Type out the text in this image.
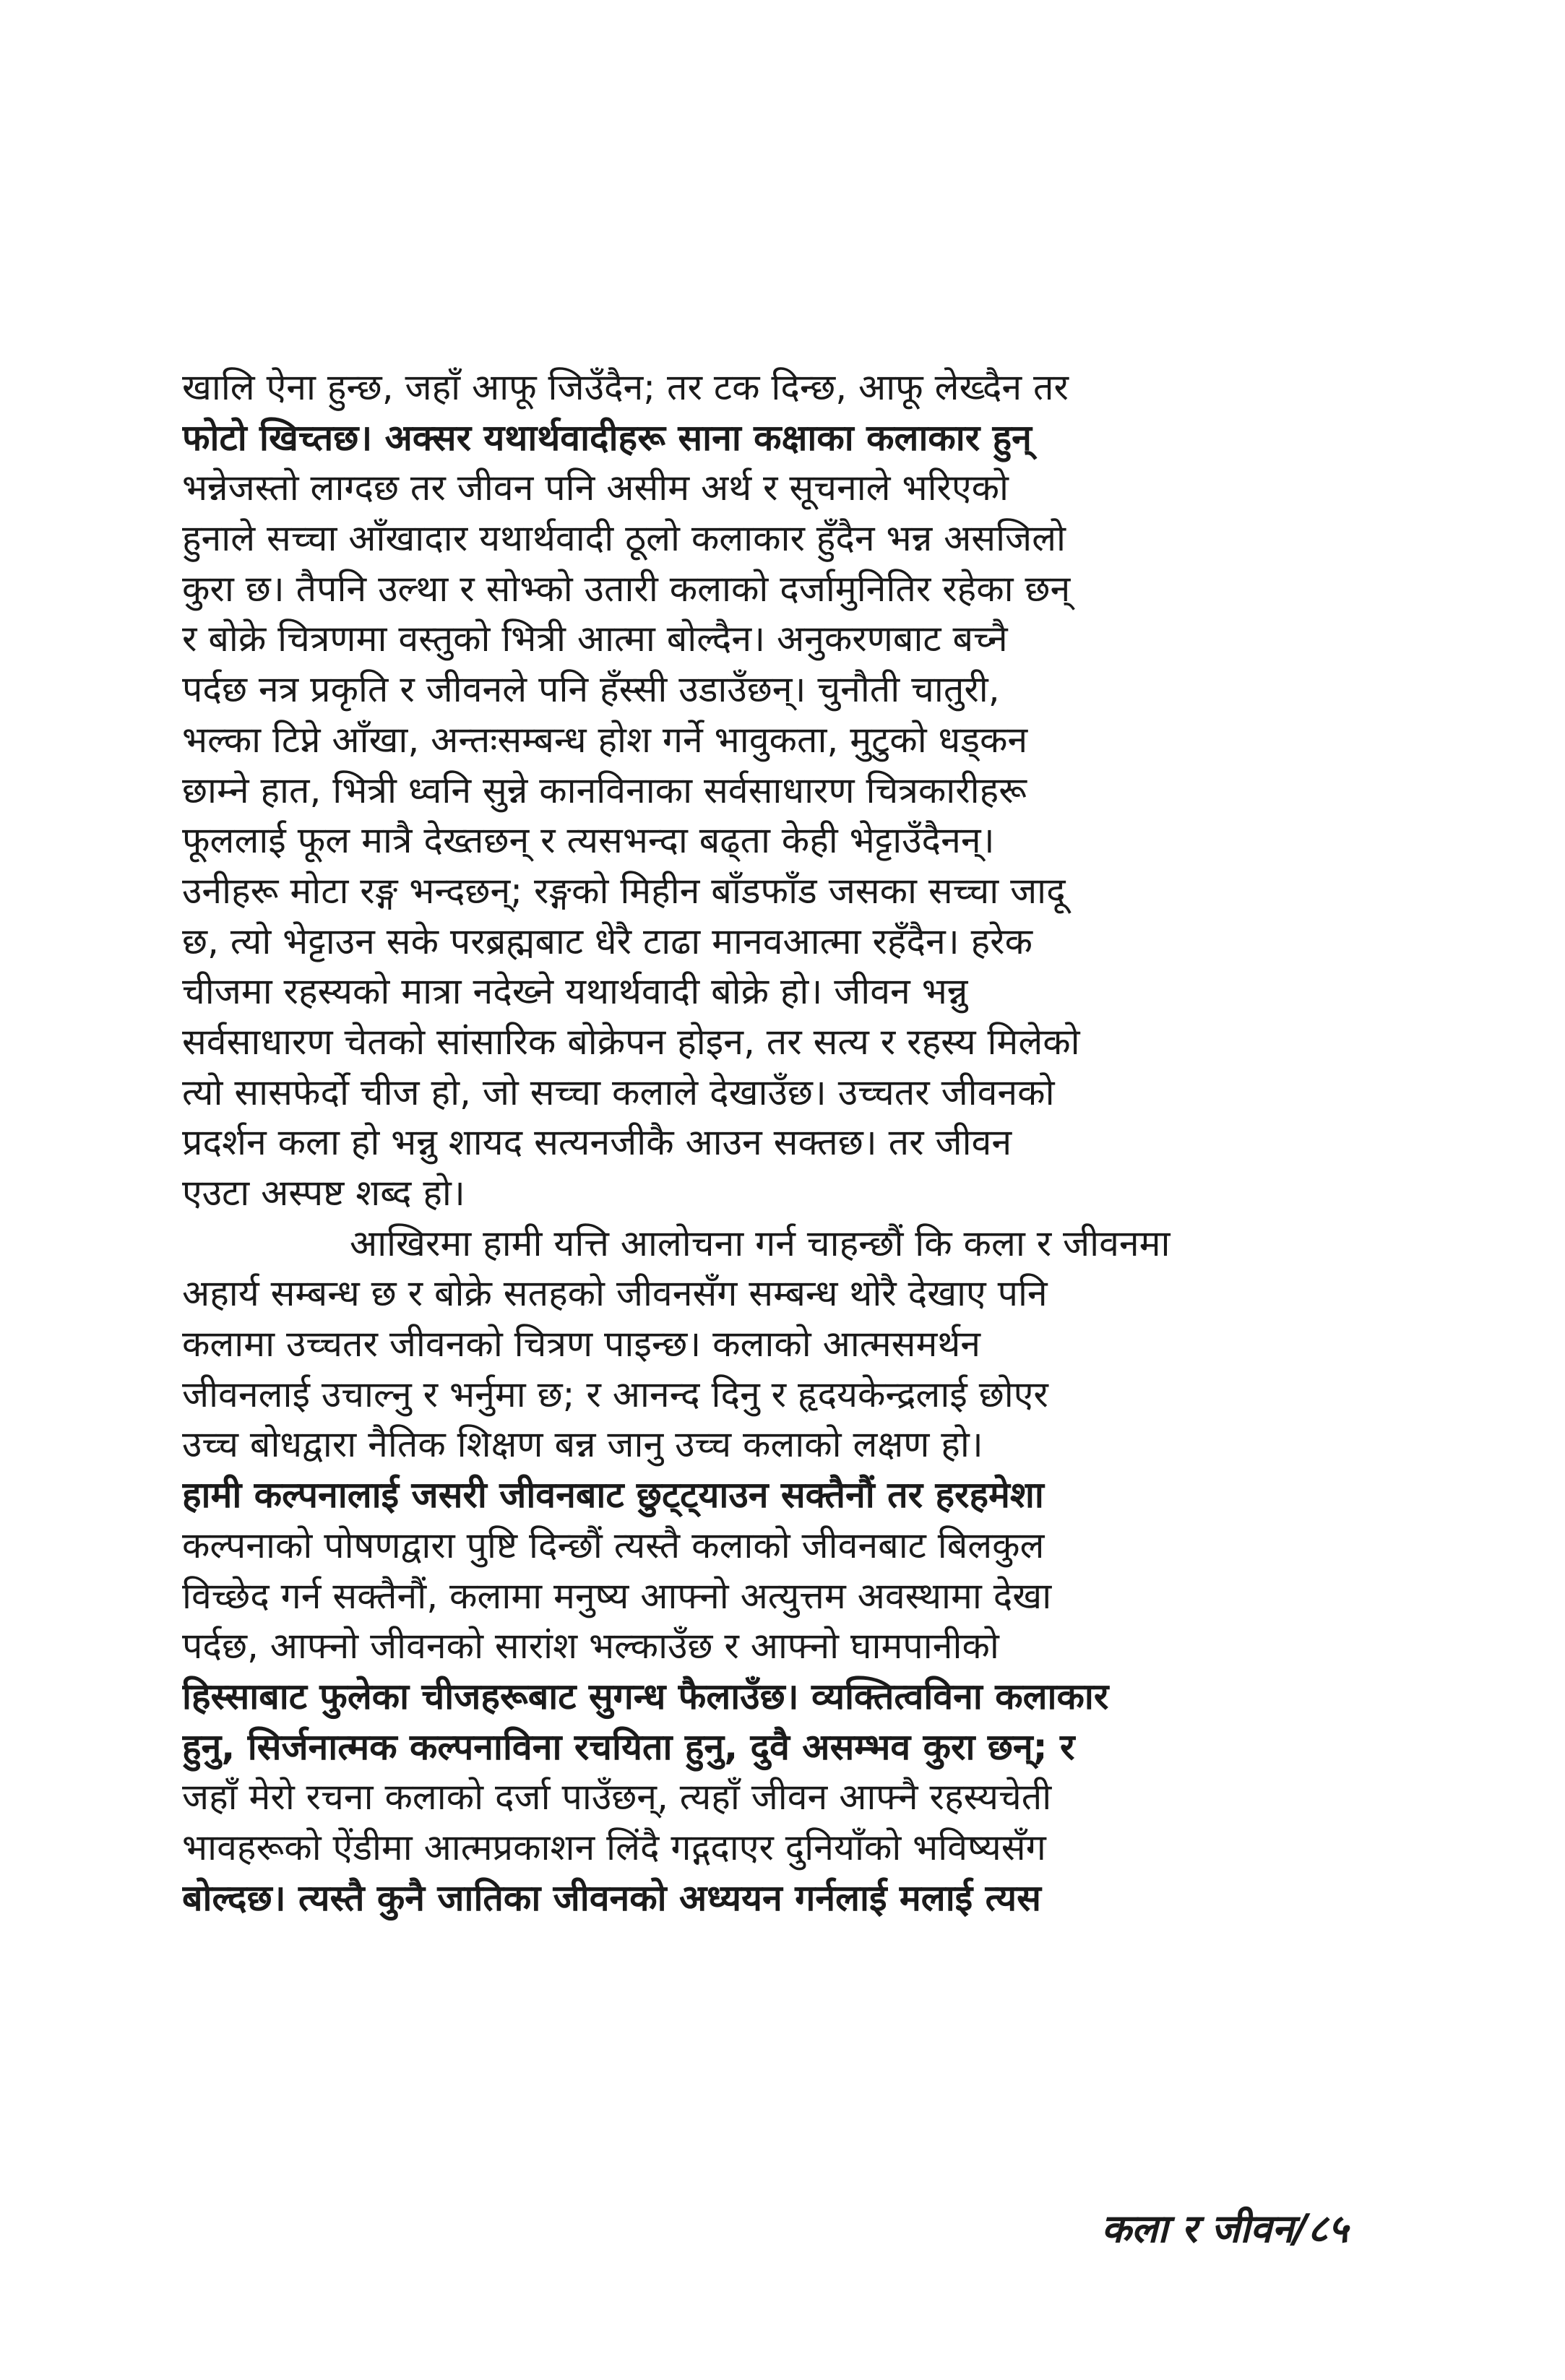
खालि ऐना हुन्छ, जहाँ आफू जिउँदैन; तर टक दिन्छ, आफू लेख्दैन तर
फोटो खिच्तछ। अक्सर यथार्थवादीहरू साना कक्षाका कलाकार हुन्
भन्नेजस्तो लाग्दछ तर जीवन पनि असीम अर्थ र सूचनाले भरिएको
हुनाले सच्चा आँखादार यथार्थवादी ठूलो कलाकार हुँदैन भन्न असजिलो
कुरा छ। तैपनि उल्था र सोभ्को उतारी कलाको दर्जामुनितिर रहेका छन्
र बोक्रे चित्रणमा वस्तुको भित्री आत्मा बोल्दैन। अनुकरणबाट बच्नै
पर्दछ नत्र प्रकृति र जीवनले पनि हँस्सी उडाउँछन्। चुनौती चातुरी,
भल्का टिप्ने आँखा, अन्तःसम्बन्ध होश गर्ने भावुकता, मुटुको धड्कन
छाम्ने हात, भित्री ध्वनि सुन्ने कानविनाका सर्वसाधारण चित्रकारीहरू
फूललाई फूल मात्रै देख्तछन् र त्यसभन्दा बढ्ता केही भेट्टाउँदैनन्।
उनीहरू मोटा रङ्ग भन्दछन्; रङ्गको मिहीन बाँडफाँड जसका सच्चा जादू
छ, त्यो भेट्टाउन सके परब्रह्मबाट धेरै टाढा मानवआत्मा रहँदैन। हरेक
चीजमा रहस्यको मात्रा नदेख्ने यथार्थवादी बोक्रे हो। जीवन भन्नु
सर्वसाधारण चेतको सांसारिक बोक्रेपन होइन, तर सत्य र रहस्य मिलेको
त्यो सासफेर्दो चीज हो, जो सच्चा कलाले देखाउँछ। उच्चतर जीवनको
प्रदर्शन कला हो भन्नु शायद सत्यनजीकै आउन सक्तछ। तर जीवन
एउटा अस्पष्ट शब्द हो।
आखिरमा हामी यत्ति आलोचना गर्न चाहन्छौं कि कला र जीवनमा
अहार्य सम्बन्ध छ र बोक्रे सतहको जीवनसँग सम्बन्ध थोरै देखाए पनि
कलामा उच्चतर जीवनको चित्रण पाइन्छ। कलाको आत्मसमर्थन
जीवनलाई उचाल्नु र भर्नुमा छ; र आनन्द दिनु र हृदयकेन्द्रलाई छोएर
उच्च बोधद्वारा नैतिक शिक्षण बन्न जानु उच्च कलाको लक्षण हो।
हामी कल्पनालाई जसरी जीवनबाट छुट्ट्याउन सक्तैनौं तर हरहमेशा
कल्पनाको पोषणद्वारा पुष्टि दिन्छौं त्यस्तै कलाको जीवनबाट बिलकुल
विच्छेद गर्न सक्तैनौं, कलामा मनुष्य आफ्नो अत्युत्तम अवस्थामा देखा
पर्दछ, आफ्नो जीवनको सारांश भल्काउँछ र आफ्नो घामपानीको
हिस्साबाट फुलेका चीजहरूबाट सुगन्ध फैलाउँछ। व्यक्तित्वविना कलाकार
हुनु, सिर्जनात्मक कल्पनाविना रचयिता हुनु, दुवै असम्भव कुरा छन्; र
जहाँ मेरो रचना कलाको दर्जा पाउँछन्, त्यहाँ जीवन आफ्नै रहस्यचेती
भावहरूको ऐंडीमा आत्मप्रकाशन लिंदै गद्गदाएर दुनियाँको भविष्यसँग
बोल्दछ। त्यस्तै कुनै जातिका जीवनको अध्ययन गर्नलाई मलाई त्यस
कला र जीवन/८५
